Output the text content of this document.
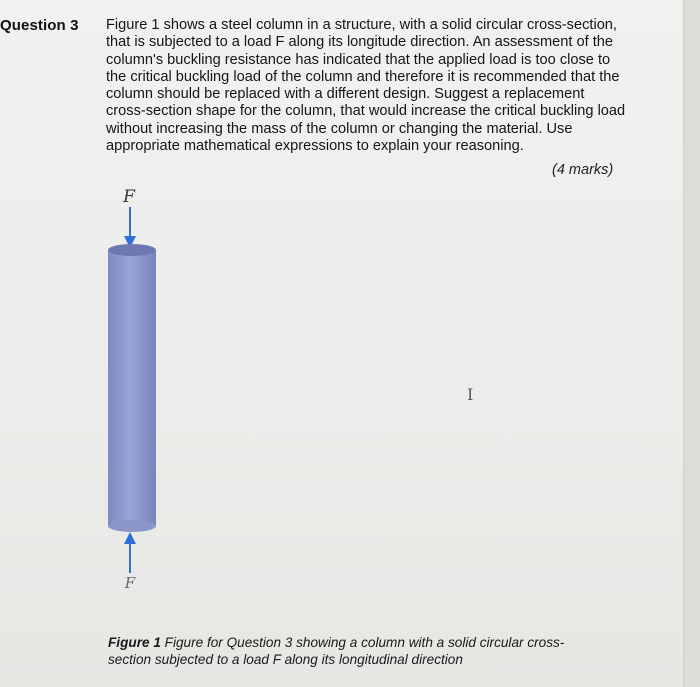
Question 3 Figure 1 shows a steel column in a structure, with a solid circular cross-section, that is subjected to a load F along its longitude direction. An assessment of the column's buckling resistance has indicated that the applied load is too close to the critical buckling load of the column and therefore it is recommended that the column should be replaced with a different design. Suggest a replacement cross-section shape for the column, that would increase the critical buckling load without increasing the mass of the column or changing the material. Use appropriate mathematical expressions to explain your reasoning.
(4 marks)
F
F
I
Figure 1 Figure for Question 3 showing a column with a solid circular cross-section subjected to a load F along its longitudinal direction
